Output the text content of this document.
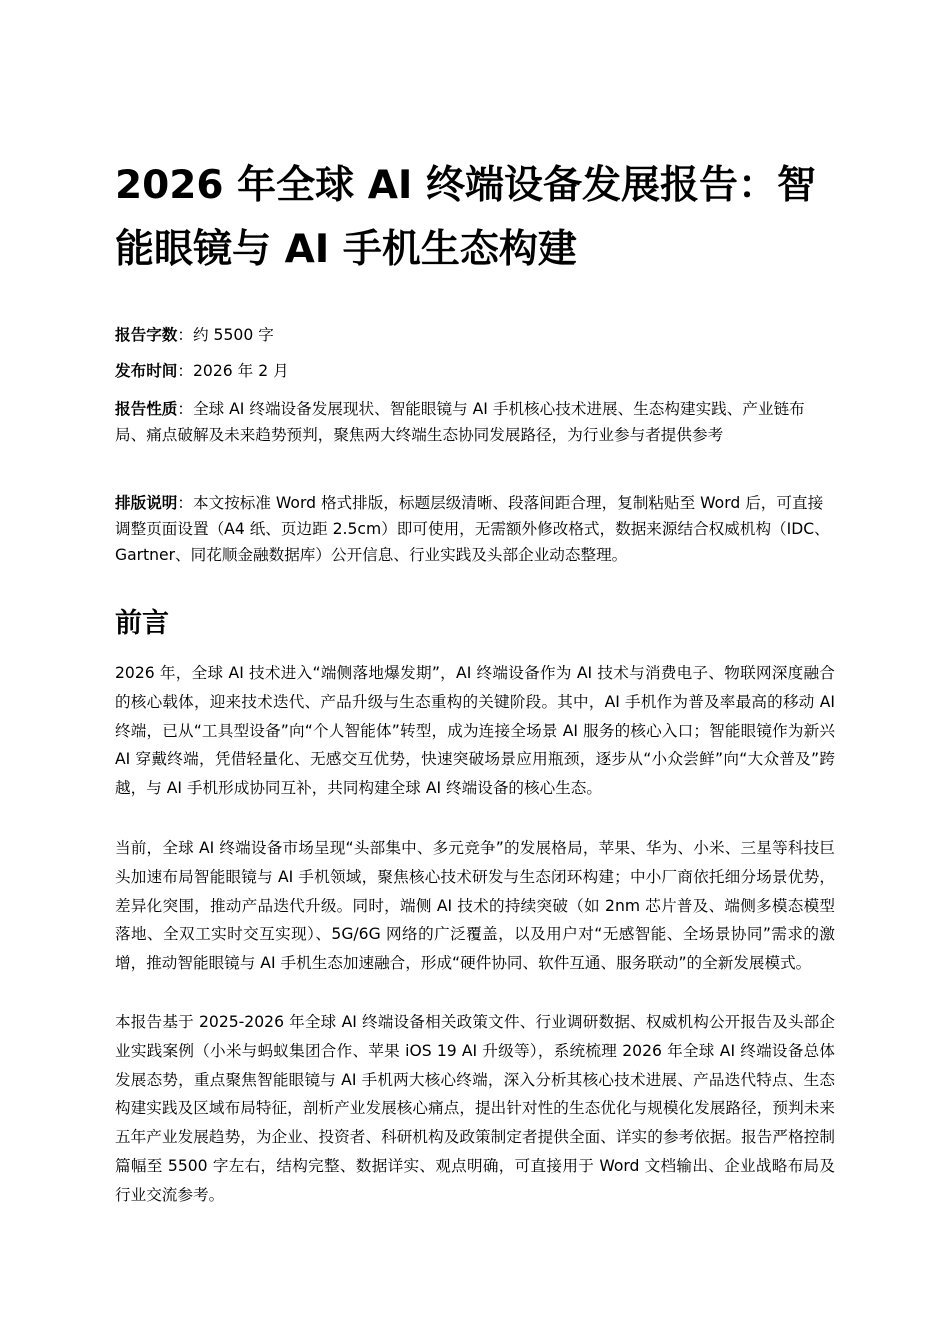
2026 年全球 AI 终端设备发展报告：智能眼镜与 AI 手机生态构建

报告字数：约 5500 字

发布时间：2026 年 2 月

报告性质：全球 AI 终端设备发展现状、智能眼镜与 AI 手机核心技术进展、生态构建实践、产业链布局、痛点破解及未来趋势预判，聚焦两大终端生态协同发展路径，为行业参与者提供参考

排版说明：本文按标准 Word 格式排版，标题层级清晰、段落间距合理，复制粘贴至 Word 后，可直接调整页面设置（A4 纸、页边距 2.5cm）即可使用，无需额外修改格式，数据来源结合权威机构（IDC、Gartner、同花顺金融数据库）公开信息、行业实践及头部企业动态整理。

前言

2026 年，全球 AI 技术进入“端侧落地爆发期”，AI 终端设备作为 AI 技术与消费电子、物联网深度融合的核心载体，迎来技术迭代、产品升级与生态重构的关键阶段。其中，AI 手机作为普及率最高的移动 AI 终端，已从“工具型设备”向“个人智能体”转型，成为连接全场景 AI 服务的核心入口；智能眼镜作为新兴 AI 穿戴终端，凭借轻量化、无感交互优势，快速突破场景应用瓶颈，逐步从“小众尝鲜”向“大众普及”跨越，与 AI 手机形成协同互补，共同构建全球 AI 终端设备的核心生态。

当前，全球 AI 终端设备市场呈现“头部集中、多元竞争”的发展格局，苹果、华为、小米、三星等科技巨头加速布局智能眼镜与 AI 手机领域，聚焦核心技术研发与生态闭环构建；中小厂商依托细分场景优势，差异化突围，推动产品迭代升级。同时，端侧 AI 技术的持续突破（如 2nm 芯片普及、端侧多模态模型落地、全双工实时交互实现）、5G/6G 网络的广泛覆盖，以及用户对“无感智能、全场景协同”需求的激增，推动智能眼镜与 AI 手机生态加速融合，形成“硬件协同、软件互通、服务联动”的全新发展模式。

本报告基于 2025-2026 年全球 AI 终端设备相关政策文件、行业调研数据、权威机构公开报告及头部企业实践案例（小米与蚂蚁集团合作、苹果 iOS 19 AI 升级等），系统梳理 2026 年全球 AI 终端设备总体发展态势，重点聚焦智能眼镜与 AI 手机两大核心终端，深入分析其核心技术进展、产品迭代特点、生态构建实践及区域布局特征，剖析产业发展核心痛点，提出针对性的生态优化与规模化发展路径，预判未来五年产业发展趋势，为企业、投资者、科研机构及政策制定者提供全面、详实的参考依据。报告严格控制篇幅至 5500 字左右，结构完整、数据详实、观点明确，可直接用于 Word 文档输出、企业战略布局及行业交流参考。
